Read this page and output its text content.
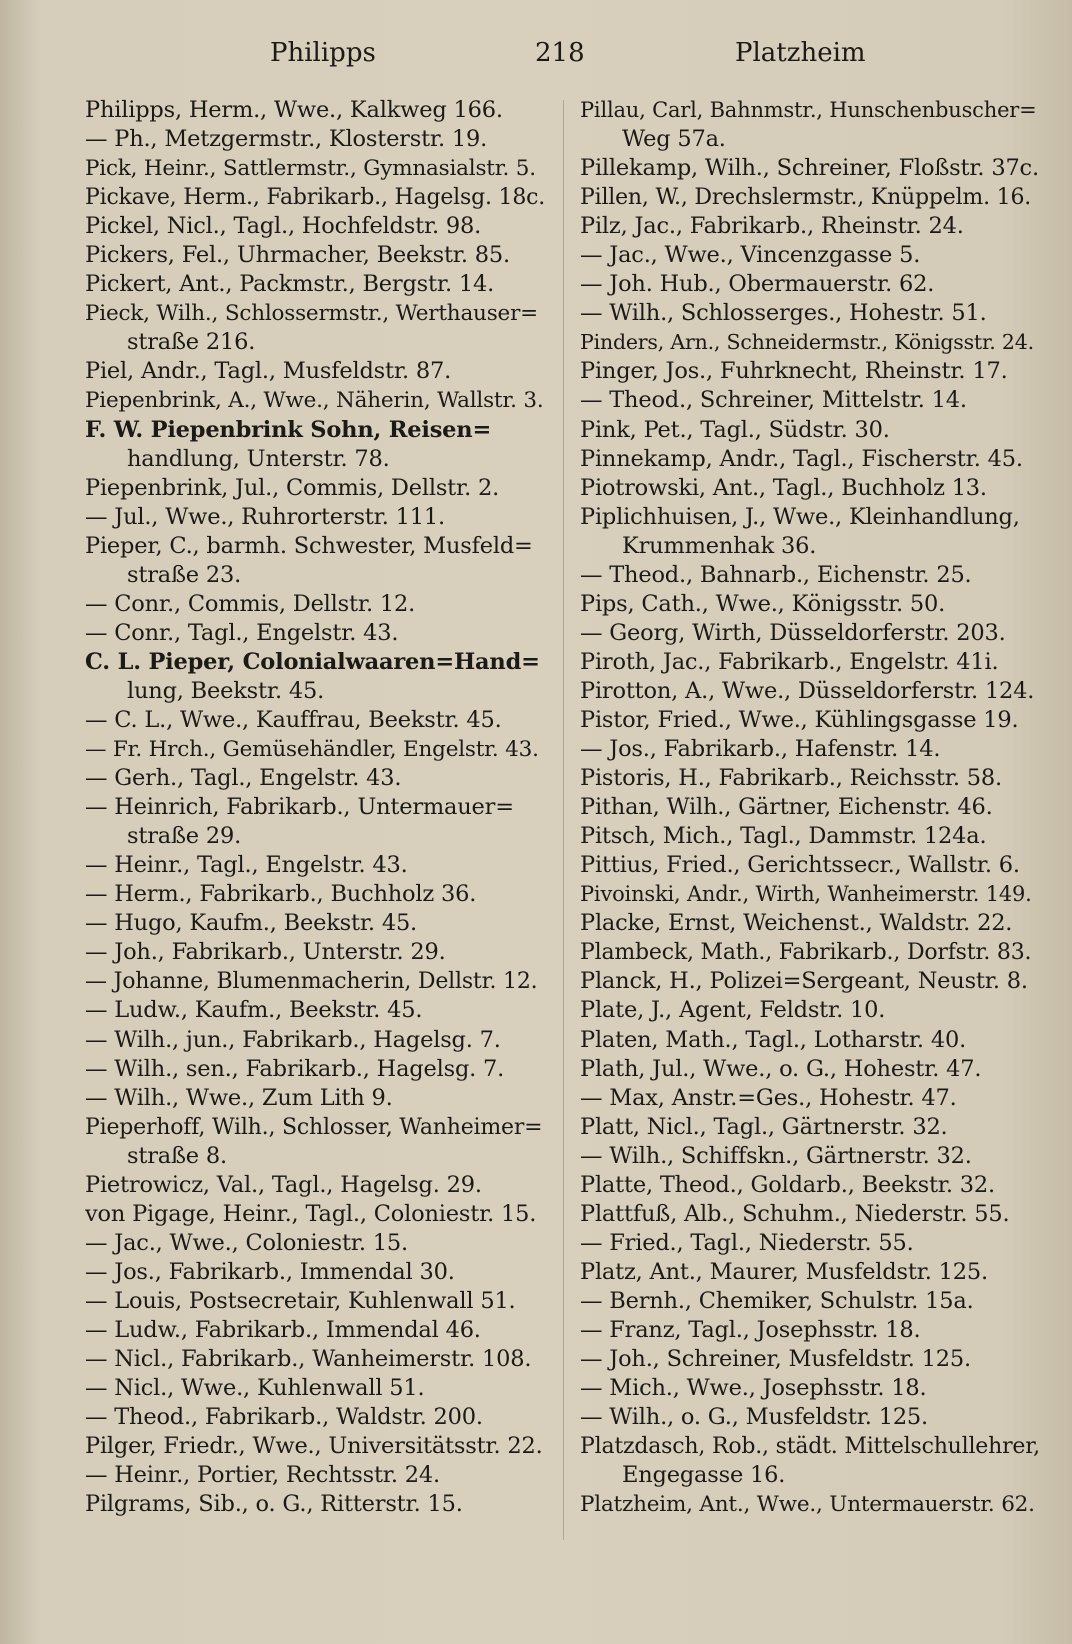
Philipps	218	Platzheim
Philipps, Herm., Wwe., Kalkweg 166.
— Ph., Metzgermstr., Klosterstr. 19.
Pick, Heinr., Sattlermstr., Gymnasialstr. 5.
Pickave, Herm., Fabrikarb., Hagelsg. 18c.
Pickel, Nicl., Tagl., Hochfeldstr. 98.
Pickers, Fel., Uhrmacher, Beekstr. 85.
Pickert, Ant., Packmstr., Bergstr. 14.
Pieck, Wilh., Schlossermstr., Werthauser=
straße 216.
Piel, Andr., Tagl., Musfeldstr. 87.
Piepenbrink, A., Wwe., Näherin, Wallstr. 3.
F. W. Piepenbrink Sohn, Reisen=
handlung, Unterstr. 78.
Piepenbrink, Jul., Commis, Dellstr. 2.
— Jul., Wwe., Ruhrorterstr. 111.
Pieper, C., barmh. Schwester, Musfeld=
straße 23.
— Conr., Commis, Dellstr. 12.
— Conr., Tagl., Engelstr. 43.
C. L. Pieper, Colonialwaaren=Hand=
lung, Beekstr. 45.
— C. L., Wwe., Kauffrau, Beekstr. 45.
— Fr. Hrch., Gemüsehändler, Engelstr. 43.
— Gerh., Tagl., Engelstr. 43.
— Heinrich, Fabrikarb., Untermauer=
straße 29.
— Heinr., Tagl., Engelstr. 43.
— Herm., Fabrikarb., Buchholz 36.
— Hugo, Kaufm., Beekstr. 45.
— Joh., Fabrikarb., Unterstr. 29.
— Johanne, Blumenmacherin, Dellstr. 12.
— Ludw., Kaufm., Beekstr. 45.
— Wilh., jun., Fabrikarb., Hagelsg. 7.
— Wilh., sen., Fabrikarb., Hagelsg. 7.
— Wilh., Wwe., Zum Lith 9.
Pieperhoff, Wilh., Schlosser, Wanheimer=
straße 8.
Pietrowicz, Val., Tagl., Hagelsg. 29.
von Pigage, Heinr., Tagl., Coloniestr. 15.
— Jac., Wwe., Coloniestr. 15.
— Jos., Fabrikarb., Immendal 30.
— Louis, Postsecretair, Kuhlenwall 51.
— Ludw., Fabrikarb., Immendal 46.
— Nicl., Fabrikarb., Wanheimerstr. 108.
— Nicl., Wwe., Kuhlenwall 51.
— Theod., Fabrikarb., Waldstr. 200.
Pilger, Friedr., Wwe., Universitätsstr. 22.
— Heinr., Portier, Rechtsstr. 24.
Pilgrams, Sib., o. G., Ritterstr. 15.
Pillau, Carl, Bahnmstr., Hunschenbuscher=
Weg 57a.
Pillekamp, Wilh., Schreiner, Floßstr. 37c.
Pillen, W., Drechslermstr., Knüppelm. 16.
Pilz, Jac., Fabrikarb., Rheinstr. 24.
— Jac., Wwe., Vincenzgasse 5.
— Joh. Hub., Obermauerstr. 62.
— Wilh., Schlosserges., Hohestr. 51.
Pinders, Arn., Schneidermstr., Königsstr. 24.
Pinger, Jos., Fuhrknecht, Rheinstr. 17.
— Theod., Schreiner, Mittelstr. 14.
Pink, Pet., Tagl., Südstr. 30.
Pinnekamp, Andr., Tagl., Fischerstr. 45.
Piotrowski, Ant., Tagl., Buchholz 13.
Piplichhuisen, J., Wwe., Kleinhandlung,
Krummenhak 36.
— Theod., Bahnarb., Eichenstr. 25.
Pips, Cath., Wwe., Königsstr. 50.
— Georg, Wirth, Düsseldorferstr. 203.
Piroth, Jac., Fabrikarb., Engelstr. 41i.
Pirotton, A., Wwe., Düsseldorferstr. 124.
Pistor, Fried., Wwe., Kühlingsgasse 19.
— Jos., Fabrikarb., Hafenstr. 14.
Pistoris, H., Fabrikarb., Reichsstr. 58.
Pithan, Wilh., Gärtner, Eichenstr. 46.
Pitsch, Mich., Tagl., Dammstr. 124a.
Pittius, Fried., Gerichtssecr., Wallstr. 6.
Pivoinski, Andr., Wirth, Wanheimerstr. 149.
Placke, Ernst, Weichenst., Waldstr. 22.
Plambeck, Math., Fabrikarb., Dorfstr. 83.
Planck, H., Polizei=Sergeant, Neustr. 8.
Plate, J., Agent, Feldstr. 10.
Platen, Math., Tagl., Lotharstr. 40.
Plath, Jul., Wwe., o. G., Hohestr. 47.
— Max, Anstr.=Ges., Hohestr. 47.
Platt, Nicl., Tagl., Gärtnerstr. 32.
— Wilh., Schiffskn., Gärtnerstr. 32.
Platte, Theod., Goldarb., Beekstr. 32.
Plattfuß, Alb., Schuhm., Niederstr. 55.
— Fried., Tagl., Niederstr. 55.
Platz, Ant., Maurer, Musfeldstr. 125.
— Bernh., Chemiker, Schulstr. 15a.
— Franz, Tagl., Josephsstr. 18.
— Joh., Schreiner, Musfeldstr. 125.
— Mich., Wwe., Josephsstr. 18.
— Wilh., o. G., Musfeldstr. 125.
Platzdasch, Rob., städt. Mittelschullehrer,
Engegasse 16.
Platzheim, Ant., Wwe., Untermauerstr. 62.
